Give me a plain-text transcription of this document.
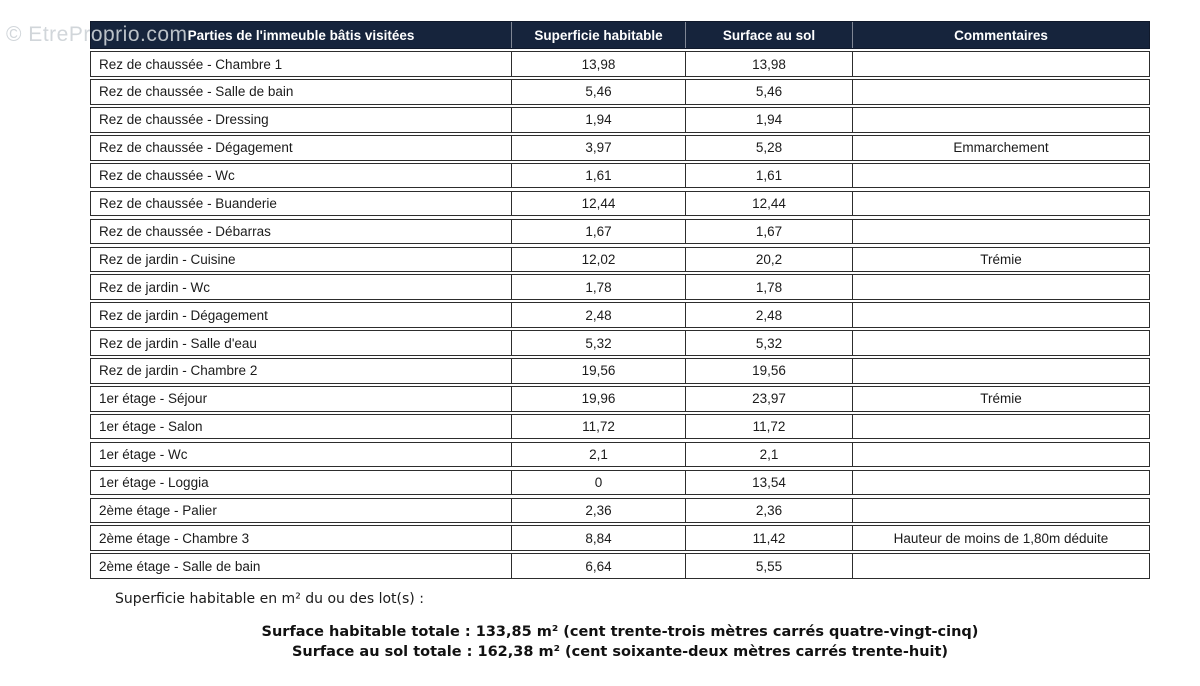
© EtreProprio.com Parties de l'immeuble bâtis visitées	Superficie habitable	Surface au sol	Commentaires
Rez de chaussée - Chambre 1	13,98	13,98
Rez de chaussée - Salle de bain	5,46	5,46
Rez de chaussée - Dressing	1,94	1,94
Rez de chaussée - Dégagement	3,97	5,28	Emmarchement
Rez de chaussée - Wc	1,61	1,61
Rez de chaussée - Buanderie	12,44	12,44
Rez de chaussée - Débarras	1,67	1,67
Rez de jardin - Cuisine	12,02	20,2	Trémie
Rez de jardin - Wc	1,78	1,78
Rez de jardin - Dégagement	2,48	2,48
Rez de jardin - Salle d'eau	5,32	5,32
Rez de jardin - Chambre 2	19,56	19,56
1er étage - Séjour	19,96	23,97	Trémie
1er étage - Salon	11,72	11,72
1er étage - Wc	2,1	2,1
1er étage - Loggia	0	13,54
2ème étage - Palier	2,36	2,36
2ème étage - Chambre 3	8,84	11,42	Hauteur de moins de 1,80m déduite
2ème étage - Salle de bain	6,64	5,55
Superficie habitable en m² du ou des lot(s) :
Surface habitable totale : 133,85 m² (cent trente-trois mètres carrés quatre-vingt-cinq)
Surface au sol totale : 162,38 m² (cent soixante-deux mètres carrés trente-huit)
